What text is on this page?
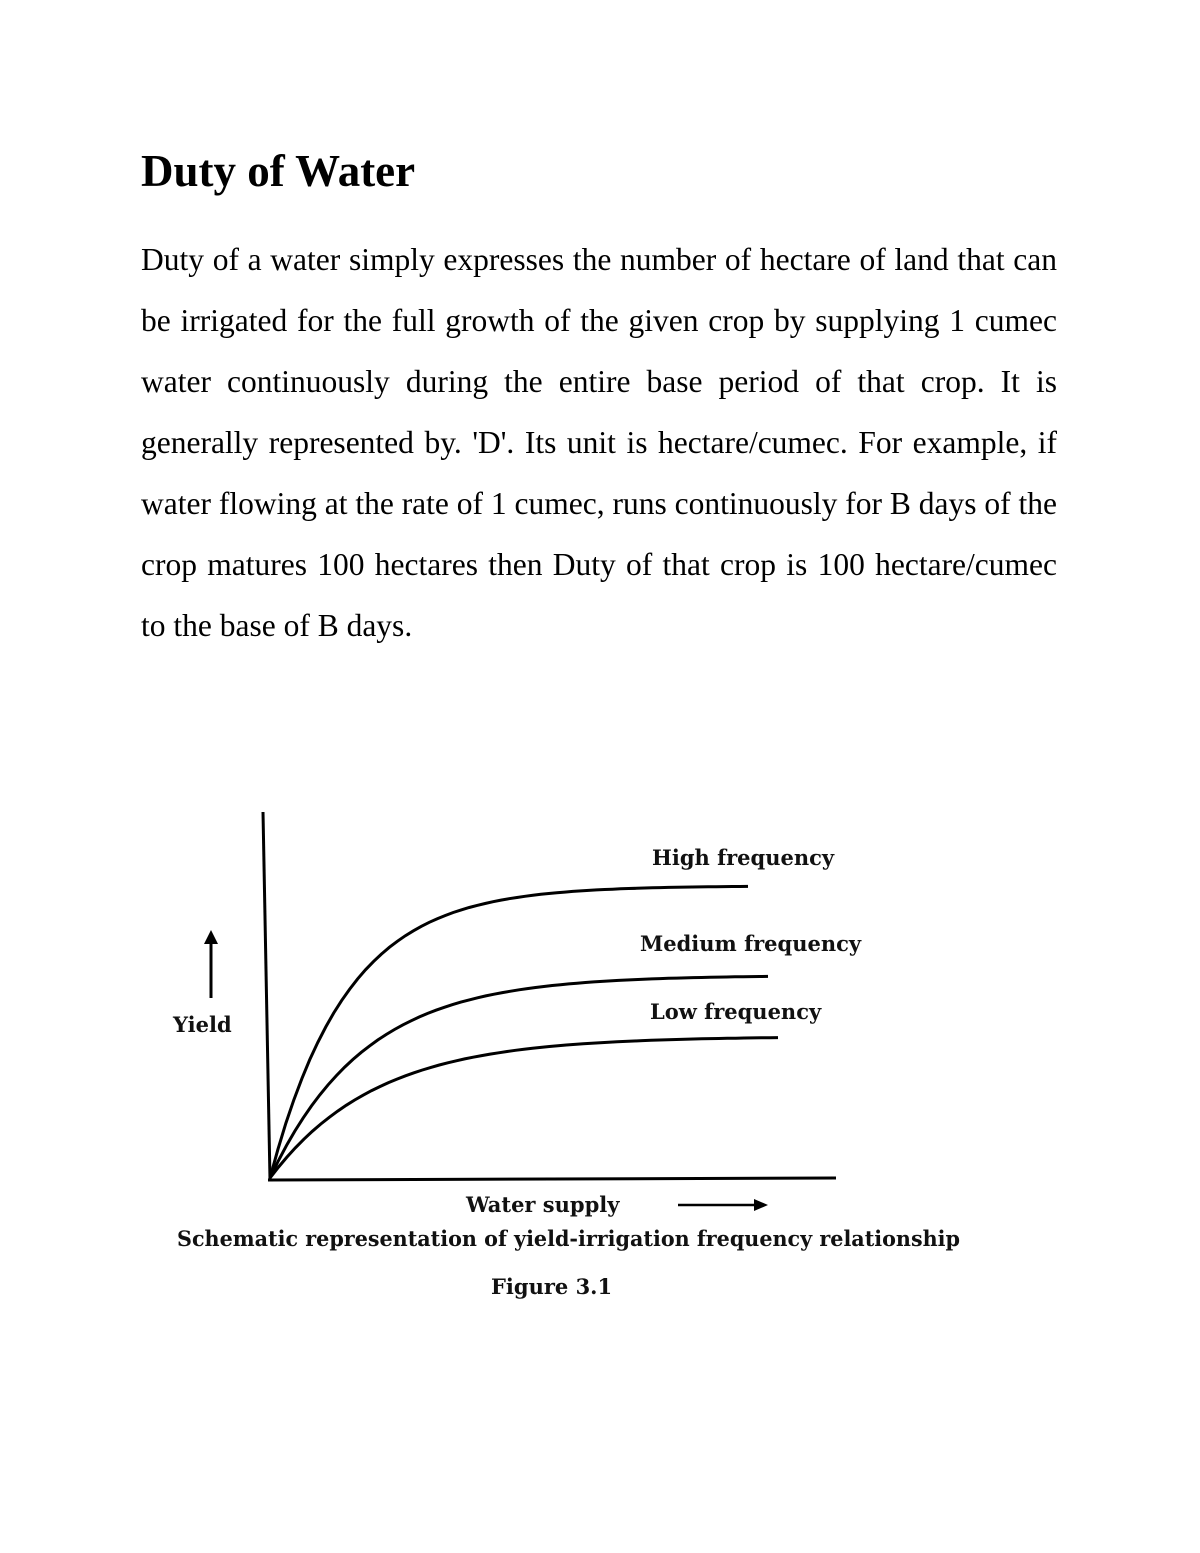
Duty of Water

Duty of a water simply expresses the number of hectare of land that can be irrigated for the full growth of the given crop by supplying 1 cumec water continuously during the entire base period of that crop. It is generally represented by. 'D'. Its unit is hectare/cumec. For example, if water flowing at the rate of 1 cumec, runs continuously for B days of the crop matures 100 hectares then Duty of that crop is 100 hectare/cumec to the base of B days.

Yield
Water supply
High frequency
Medium frequency
Low frequency
Schematic representation of yield-irrigation frequency relationship
Figure 3.1
